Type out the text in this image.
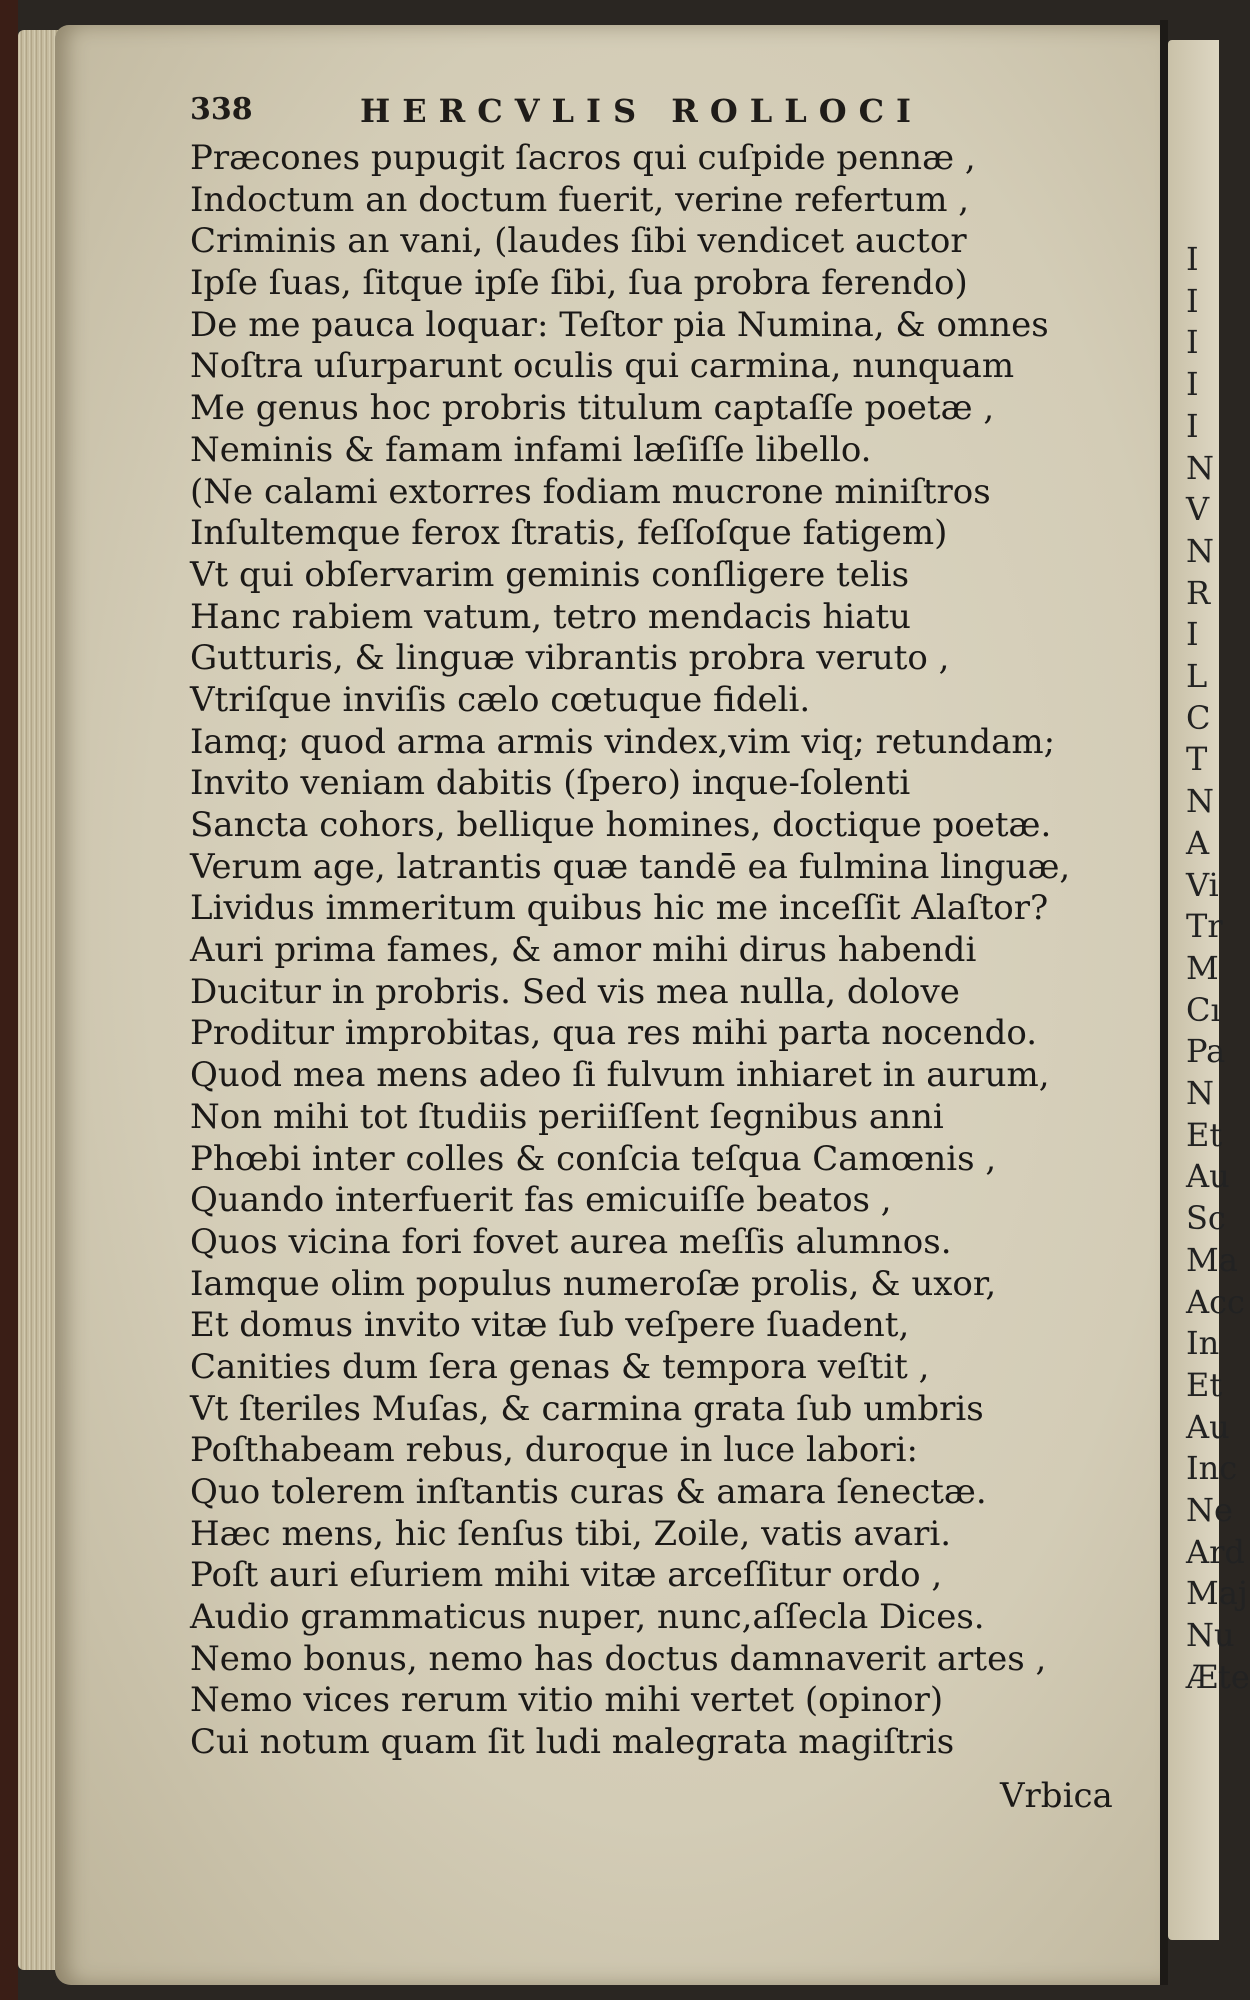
338	HERCVLIS ROLLOCI
Præcones pupugit ſacros qui cuſpide pennæ ,
Indoctum an doctum fuerit, verine refertum ,
Criminis an vani, (laudes ſibi vendicet auctor
Ipſe ſuas, ſitque ipſe ſibi, ſua probra ferendo)
De me pauca loquar: Teſtor pia Numina, & omnes
Noſtra uſurparunt oculis qui carmina, nunquam
Me genus hoc probris titulum captaſſe poetæ ,
Neminis & famam infami læſiſſe libello.
(Ne calami extorres fodiam mucrone miniſtros
Inſultemque ferox ſtratis, feſſoſque fatigem)
Vt qui obſervarim geminis conſligere telis
Hanc rabiem vatum, tetro mendacis hiatu
Gutturis, & linguæ vibrantis probra veruto ,
Vtriſque inviſis cælo cœtuque fideli.
Iamq; quod arma armis vindex,vim viq; retundam;
Invito veniam dabitis (ſpero) inque-ſolenti
Sancta cohors, bellique homines, doctique poetæ.
Verum age, latrantis quæ tandē ea fulmina linguæ,
Lividus immeritum quibus hic me inceſſit Alaſtor?
Auri prima fames, & amor mihi dirus habendi
Ducitur in probris. Sed vis mea nulla, dolove
Proditur improbitas, qua res mihi parta nocendo.
Quod mea mens adeo ſi fulvum inhiaret in aurum,
Non mihi tot ſtudiis periiſſent ſegnibus anni
Phœbi inter colles & conſcia teſqua Camœnis ,
Quando interfuerit fas emicuiſſe beatos ,
Quos vicina fori fovet aurea meſſis alumnos.
Iamque olim populus numeroſæ prolis, & uxor,
Et domus invito vitæ ſub veſpere ſuadent,
Canities dum ſera genas & tempora veſtit ,
Vt ſteriles Muſas, & carmina grata ſub umbris
Poſthabeam rebus, duroque in luce labori:
Quo tolerem inſtantis curas & amara ſenectæ.
Hæc mens, hic ſenſus tibi, Zoile, vatis avari.
Poſt auri eſuriem mihi vitæ arceſſitur ordo ,
Audio grammaticus nuper, nunc,aſſecla Dices.
Nemo bonus, nemo has doctus damnaverit artes ,
Nemo vices rerum vitio mihi vertet (opinor)
Cui notum quam ſit ludi malegrata magiſtris
Vrbica
I
I
I
I
I
N
V
N
R
I
L
C
T
N
A
Vi
Tr
M
Cı
Pa
N
Et
Au
Sc
Ma
Acc
In
Et
Au
Inc
Ne
Ard
Maj
Nu
Æte
